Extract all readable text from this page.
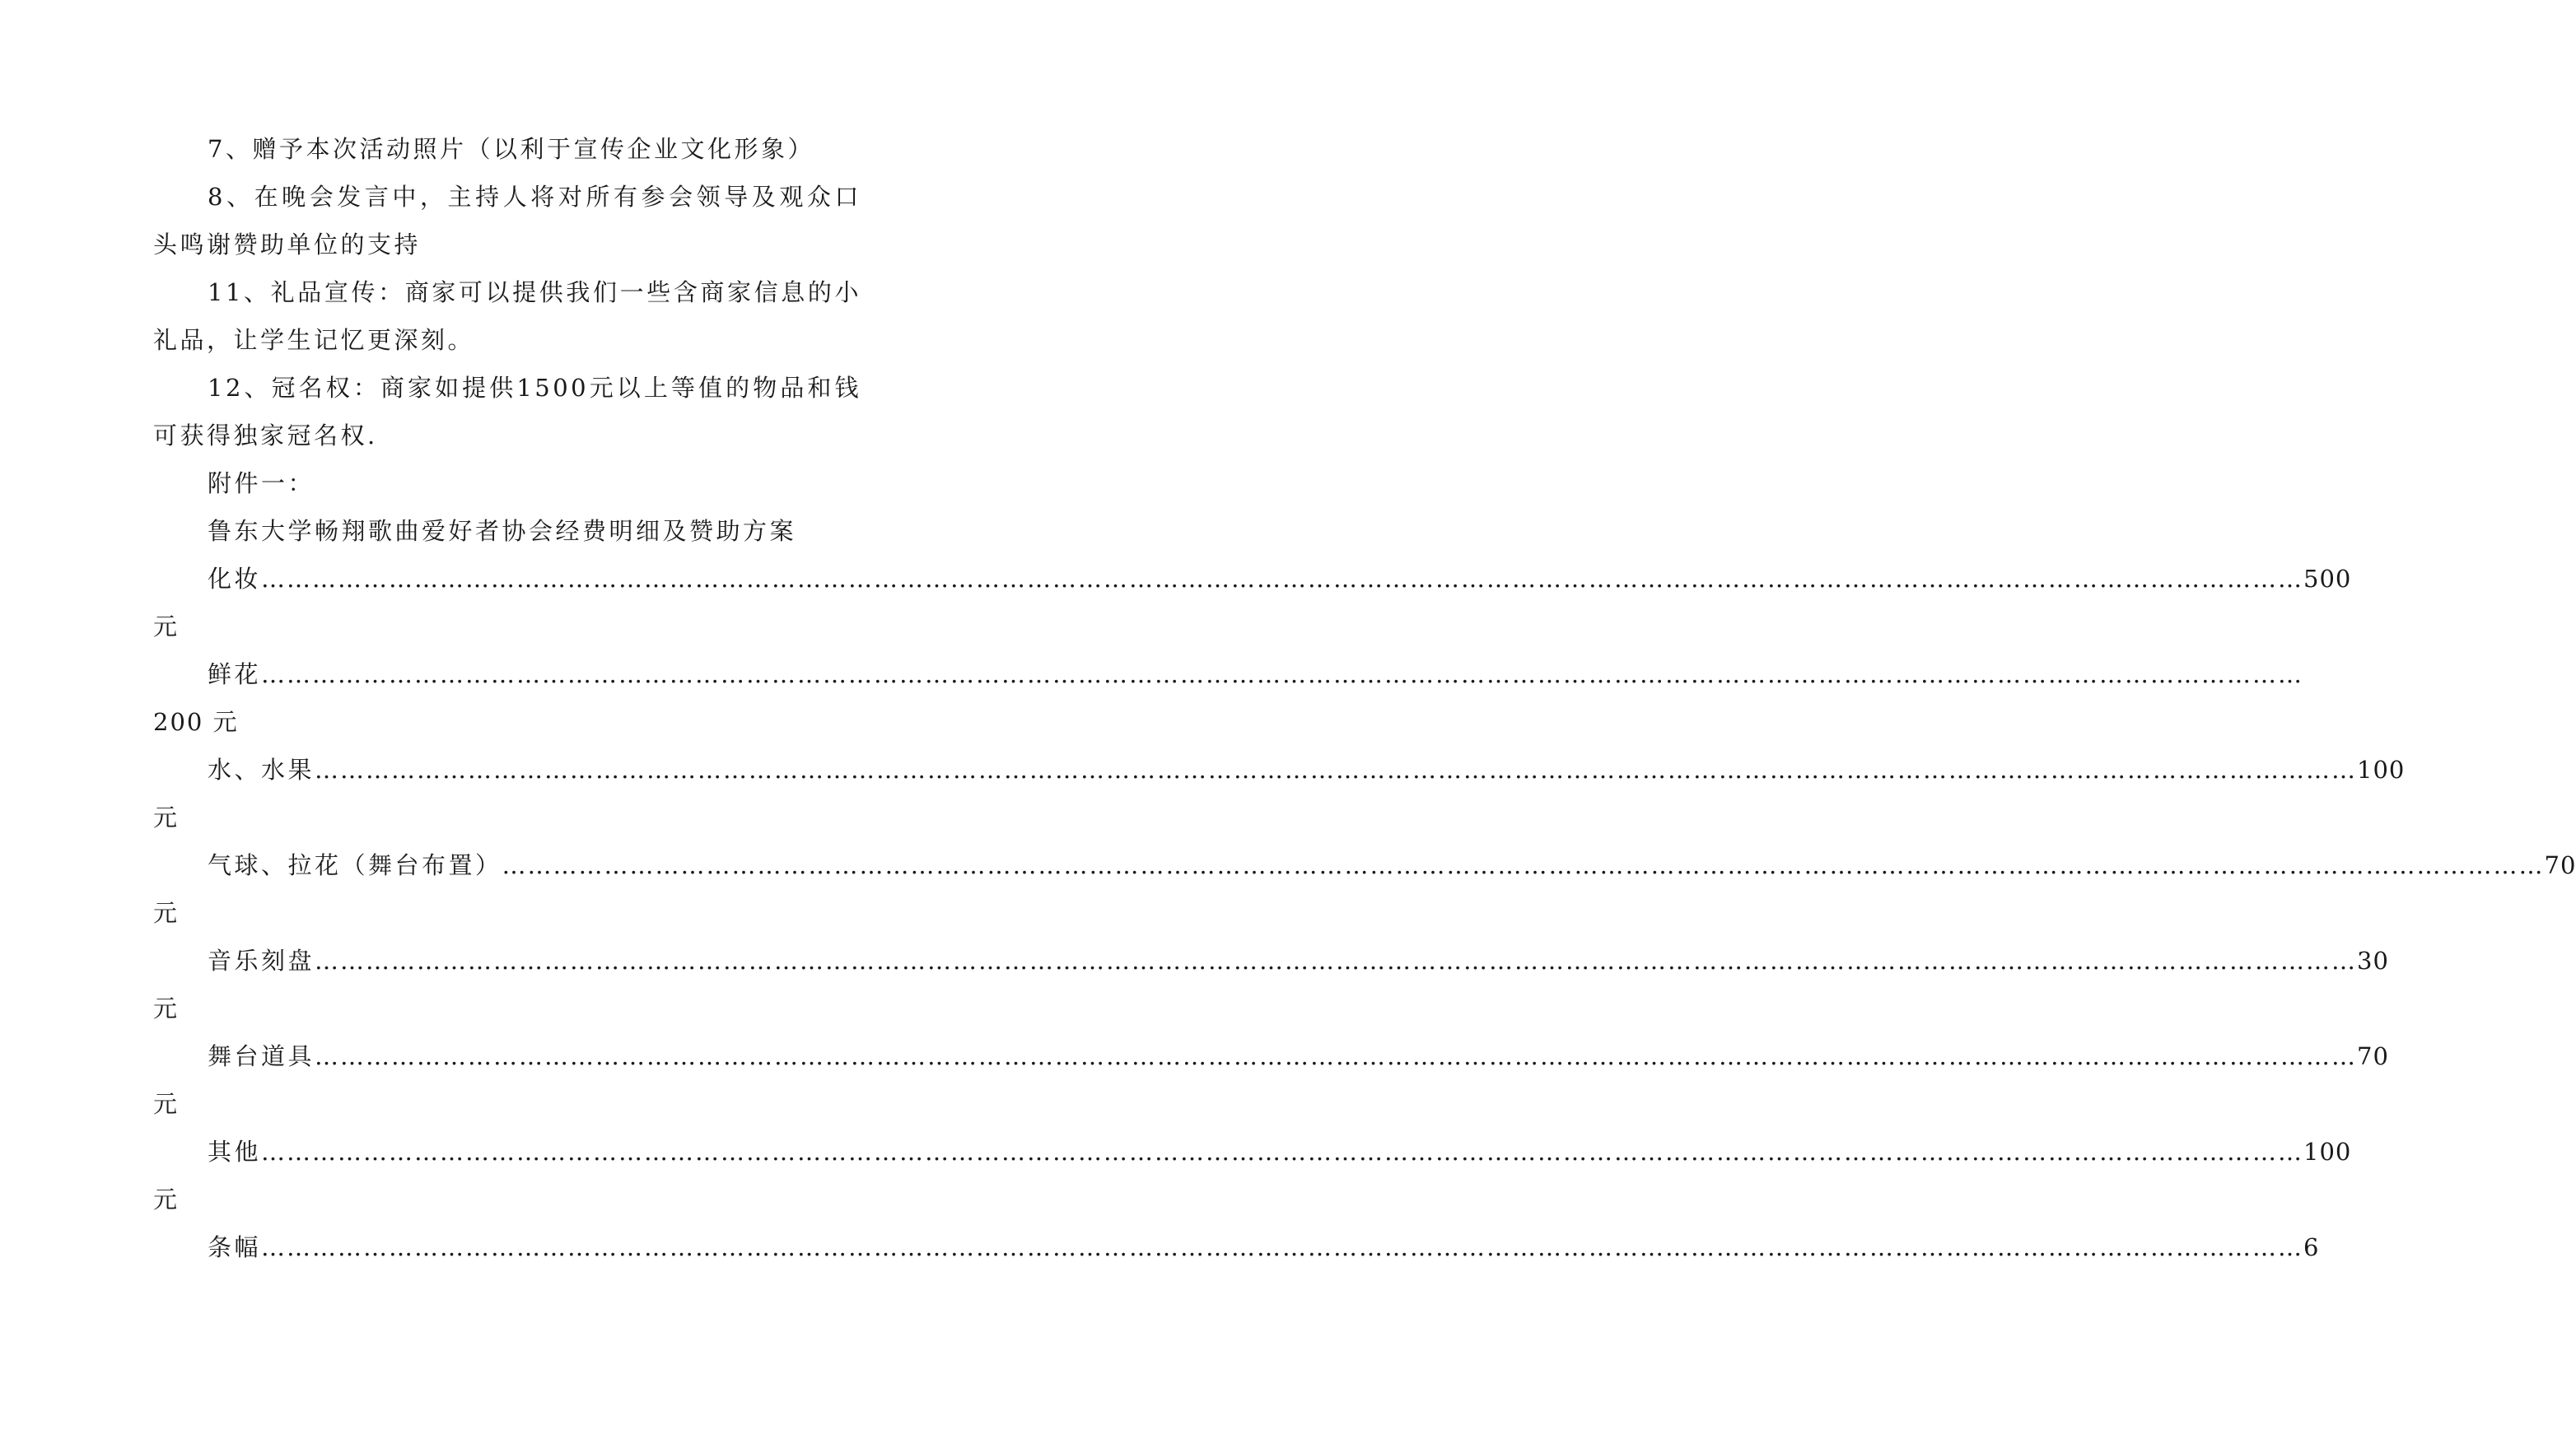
7、赠予本次活动照片（以利于宣传企业文化形象）

8、在晚会发言中，主持人将对所有参会领导及观众口头鸣谢赞助单位的支持

11、礼品宣传：商家可以提供我们一些含商家信息的小礼品，让学生记忆更深刻。

12、冠名权：商家如提供1500元以上等值的物品和钱可获得独家冠名权.

附件一：

鲁东大学畅翔歌曲爱好者协会经费明细及赞助方案

化妆 …………………………………………………………………………………………………………………………………………………………………………………………………………………… 500
元
鲜花 ……………………………………………………………………………………………………………………………………………………………………………………………………………………
200 元
水、水果 …………………………………………………………………………………………………………………………………………………………………………………………………………………… 100
元
气球、拉花（舞台布置） …………………………………………………………………………………………………………………………………………………………………………………………………………………… 70
元
音乐刻盘 …………………………………………………………………………………………………………………………………………………………………………………………………………………… 30
元
舞台道具 …………………………………………………………………………………………………………………………………………………………………………………………………………………… 70
元
其他 …………………………………………………………………………………………………………………………………………………………………………………………………………………… 100
元
条幅 …………………………………………………………………………………………………………………………………………………………………………………………………………………… 6
